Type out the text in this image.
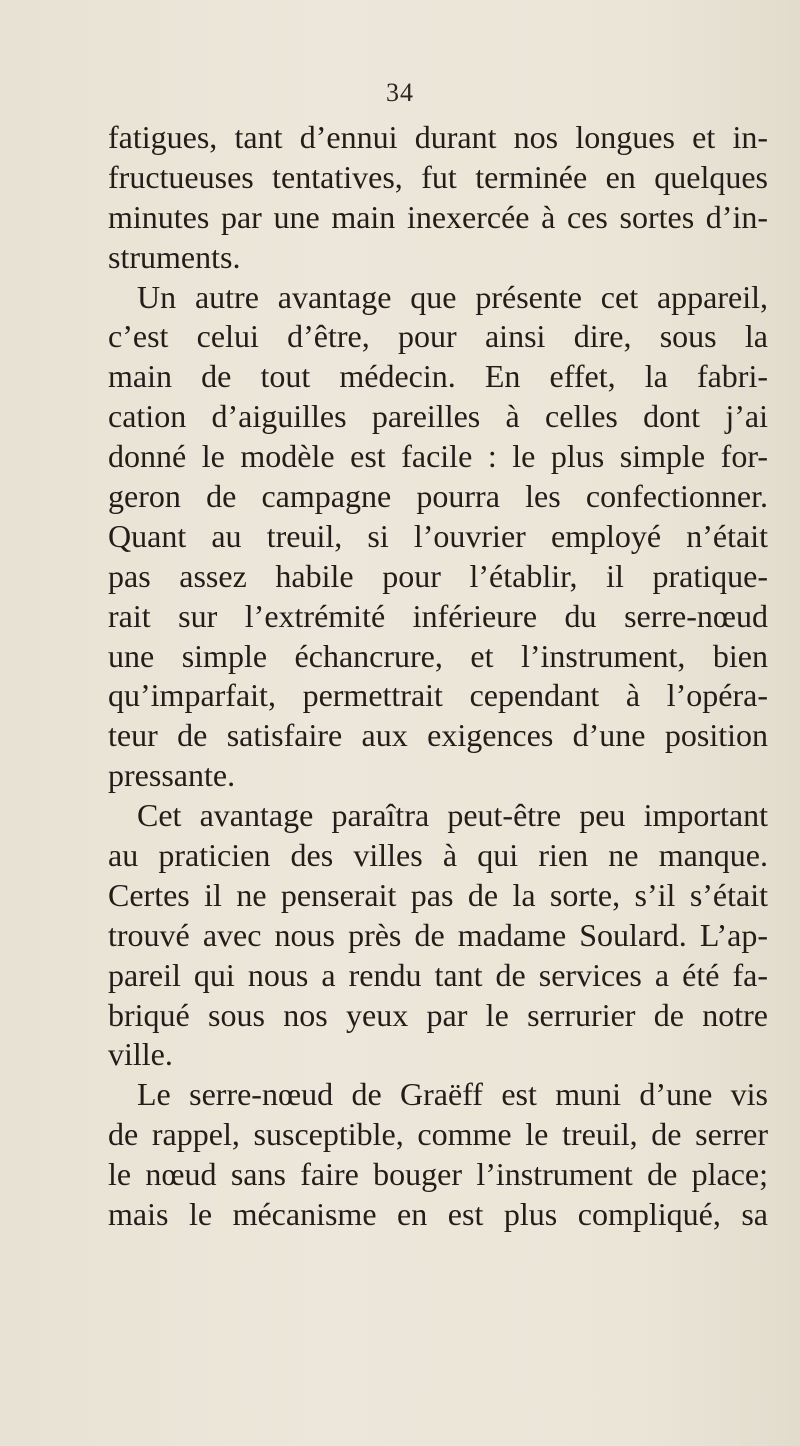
34
fatigues, tant d’ennui durant nos longues et in-
fructueuses tentatives, fut terminée en quelques
minutes par une main inexercée à ces sortes d’in-
struments.
Un autre avantage que présente cet appareil,
c’est celui d’être, pour ainsi dire, sous la
main de tout médecin. En effet, la fabri-
cation d’aiguilles pareilles à celles dont j’ai
donné le modèle est facile : le plus simple for-
geron de campagne pourra les confectionner.
Quant au treuil, si l’ouvrier employé n’était
pas assez habile pour l’établir, il pratique-
rait sur l’extrémité inférieure du serre-nœud
une simple échancrure, et l’instrument, bien
qu’imparfait, permettrait cependant à l’opéra-
teur de satisfaire aux exigences d’une position
pressante.
Cet avantage paraîtra peut-être peu important
au praticien des villes à qui rien ne manque.
Certes il ne penserait pas de la sorte, s’il s’était
trouvé avec nous près de madame Soulard. L’ap-
pareil qui nous a rendu tant de services a été fa-
briqué sous nos yeux par le serrurier de notre
ville.
Le serre-nœud de Graëff est muni d’une vis
de rappel, susceptible, comme le treuil, de serrer
le nœud sans faire bouger l’instrument de place;
mais le mécanisme en est plus compliqué, sa
